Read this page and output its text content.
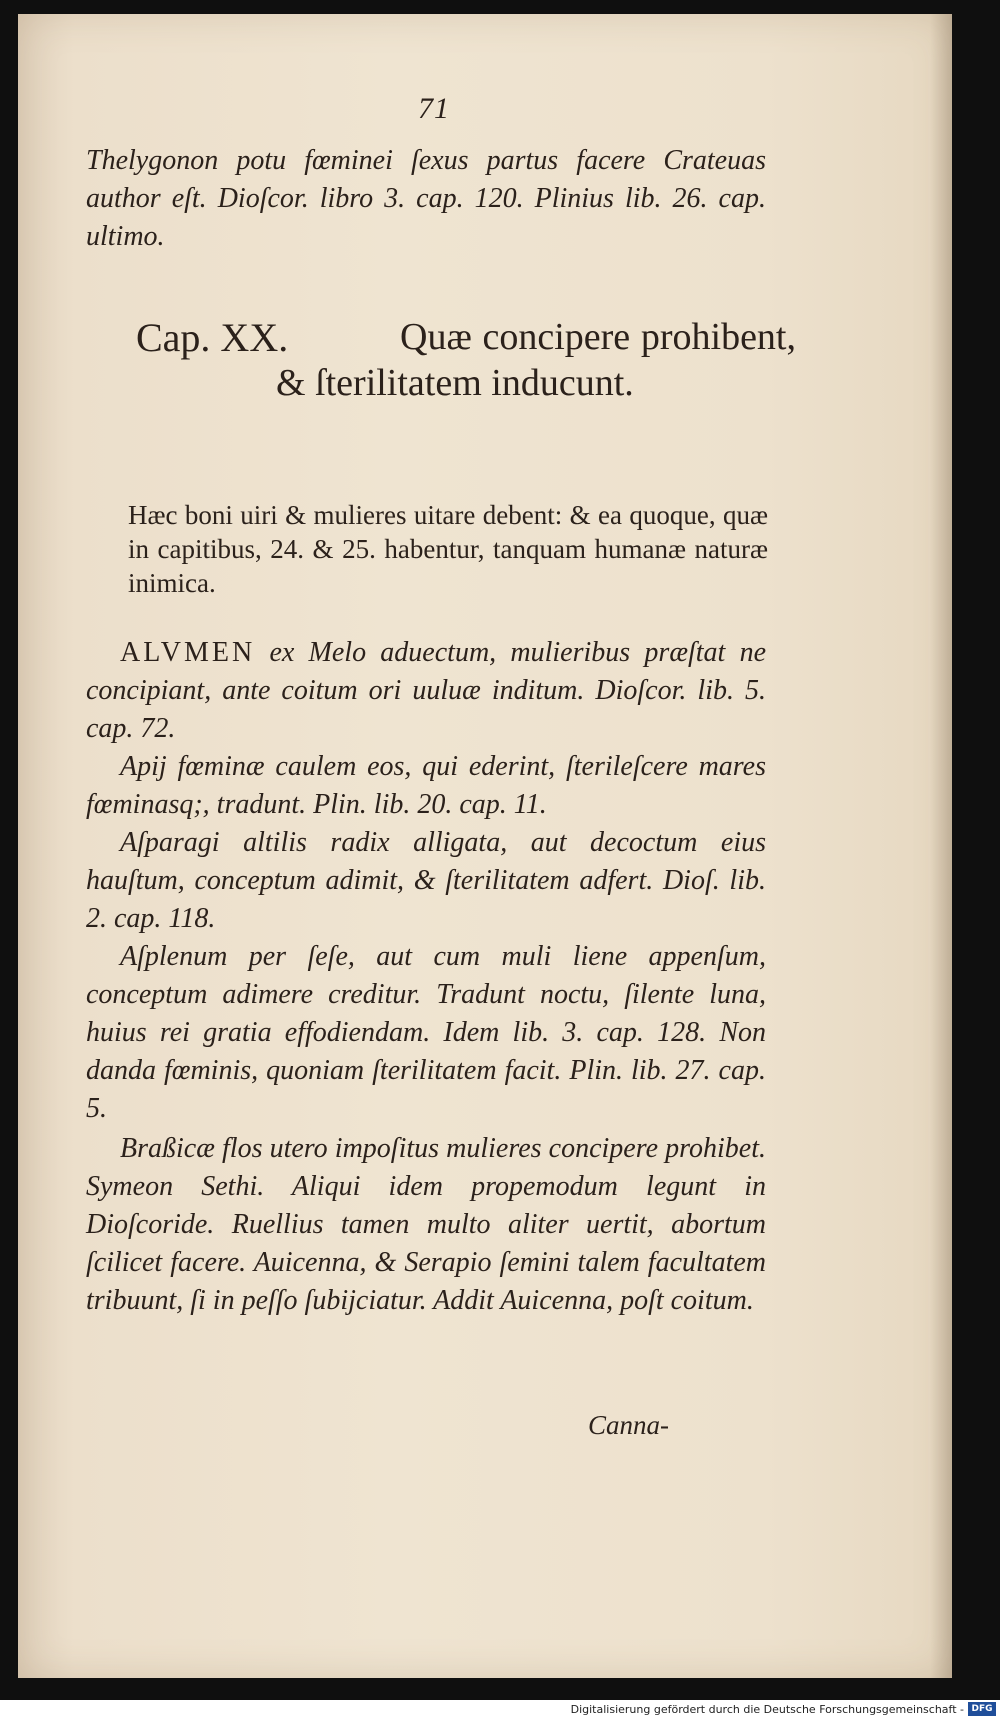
71

Thelygonon potu fœminei ſexus partus facere Crateuas author eſt. Dioſcor. libro 3. cap. 120. Plinius lib. 26. cap. ultimo.

Cap. XX.	Quæ concipere prohibent, & ſterilitatem inducunt.

Hæc boni uiri & mulieres uitare debent: & ea quoque, quæ in capitibus, 24. & 25. habentur, tanquam humanæ naturæ inimica.

ALVMEN ex Melo aduectum, mulieribus præſtat ne concipiant, ante coitum ori uuluæ inditum. Dioſcor. lib. 5. cap. 72.

Apij fœminæ caulem eos, qui ederint, ſterileſcere mares fœminasq;, tradunt. Plin. lib. 20. cap. 11.

Aſparagi altilis radix alligata, aut decoctum eius hauſtum, conceptum adimit, & ſterilitatem adfert. Dioſ. lib. 2. cap. 118.

Aſplenum per ſeſe, aut cum muli liene appenſum, conceptum adimere creditur. Tradunt noctu, ſilente luna, huius rei gratia effodiendam. Idem lib. 3. cap. 128. Non danda fœminis, quoniam ſterilitatem facit. Plin. lib. 27. cap. 5.

Braßicæ flos utero impoſitus mulieres concipere prohibet. Symeon Sethi. Aliqui idem propemodum legunt in Dioſcoride. Ruellius tamen multo aliter uertit, abortum ſcilicet facere. Auicenna, & Serapio ſemini talem facultatem tribuunt, ſi in peſſo ſubijciatur. Addit Auicenna, poſt coitum.

Canna-
Digitalisierung gefördert durch die Deutsche Forschungsgemeinschaft - DFG
